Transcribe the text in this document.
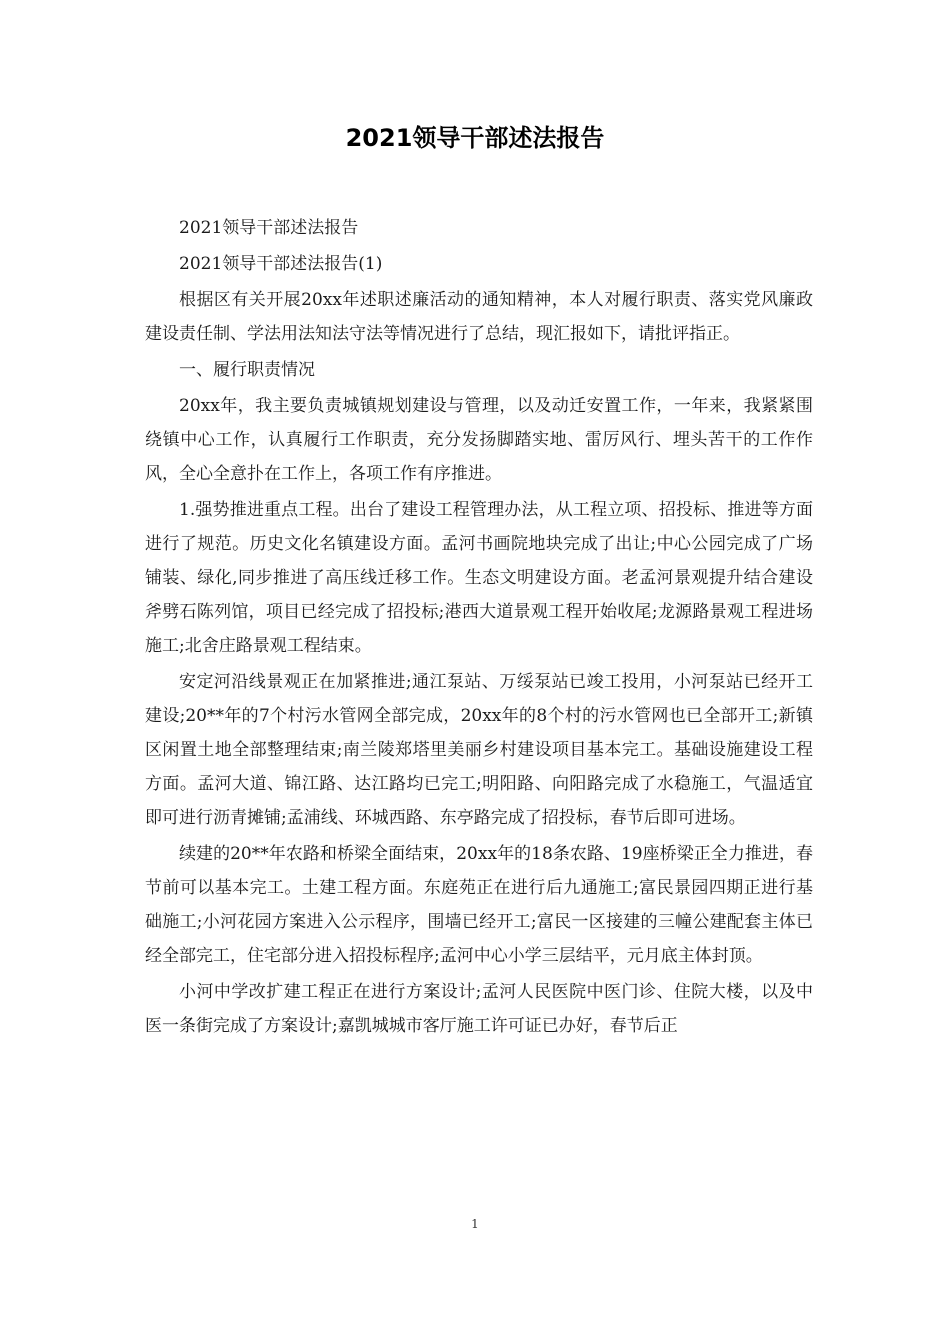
2021领导干部述法报告

2021领导干部述法报告

2021领导干部述法报告(1)

根据区有关开展20xx年述职述廉活动的通知精神，本人对履行职责、落实党风廉政建设责任制、学法用法知法守法等情况进行了总结，现汇报如下，请批评指正。

一、履行职责情况

20xx年，我主要负责城镇规划建设与管理，以及动迁安置工作，一年来，我紧紧围绕镇中心工作，认真履行工作职责，充分发扬脚踏实地、雷厉风行、埋头苦干的工作作风，全心全意扑在工作上，各项工作有序推进。

1.强势推进重点工程。出台了建设工程管理办法，从工程立项、招投标、推进等方面进行了规范。历史文化名镇建设方面。孟河书画院地块完成了出让;中心公园完成了广场铺装、绿化,同步推进了高压线迁移工作。生态文明建设方面。老孟河景观提升结合建设斧劈石陈列馆，项目已经完成了招投标;港西大道景观工程开始收尾;龙源路景观工程进场施工;北舍庄路景观工程结束。

安定河沿线景观正在加紧推进;通江泵站、万绥泵站已竣工投用，小河泵站已经开工建设;20**年的7个村污水管网全部完成，20xx年的8个村的污水管网也已全部开工;新镇区闲置土地全部整理结束;南兰陵郑塔里美丽乡村建设项目基本完工。基础设施建设工程方面。孟河大道、锦江路、达江路均已完工;明阳路、向阳路完成了水稳施工，气温适宜即可进行沥青摊铺;孟浦线、环城西路、东亭路完成了招投标，春节后即可进场。

续建的20**年农路和桥梁全面结束，20xx年的18条农路、19座桥梁正全力推进，春节前可以基本完工。土建工程方面。东庭苑正在进行后九通施工;富民景园四期正进行基础施工;小河花园方案进入公示程序，围墙已经开工;富民一区接建的三幢公建配套主体已经全部完工，住宅部分进入招投标程序;孟河中心小学三层结平，元月底主体封顶。

小河中学改扩建工程正在进行方案设计;孟河人民医院中医门诊、住院大楼，以及中医一条街完成了方案设计;嘉凯城城市客厅施工许可证已办好，春节后正

1
